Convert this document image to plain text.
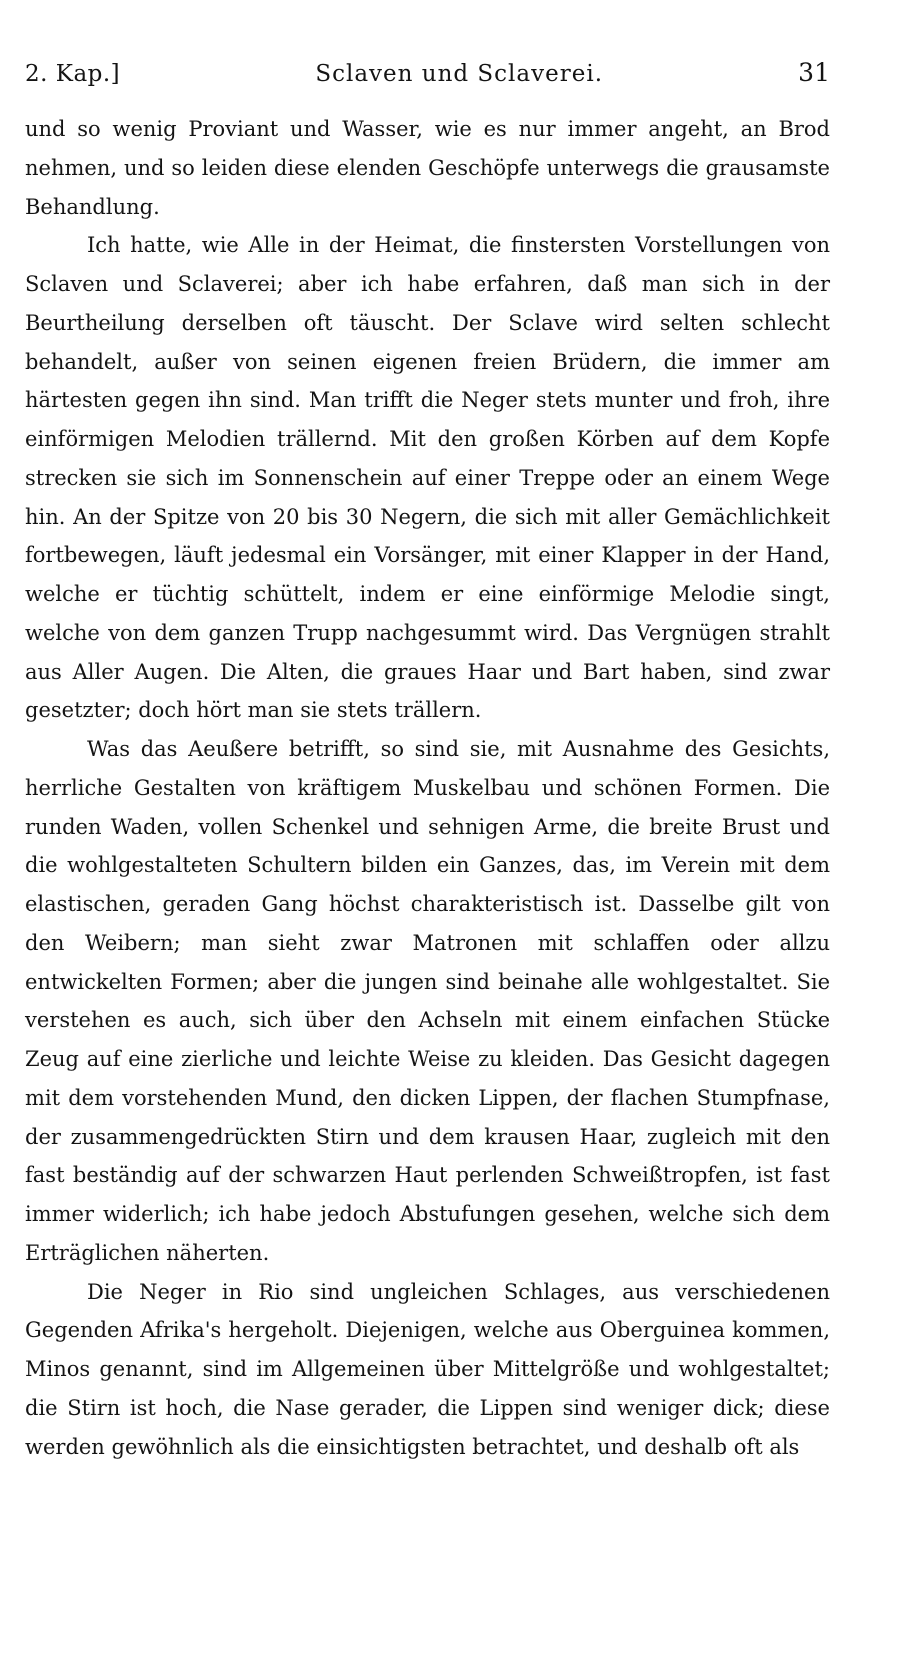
2. Kap.]	Sclaven und Sclaverei.	31

und so wenig Proviant und Wasser, wie es nur immer angeht, an Brod nehmen, und so leiden diese elenden Geschöpfe unterwegs die grausamste Behandlung.

Ich hatte, wie Alle in der Heimat, die finstersten Vorstellungen von Sclaven und Sclaverei; aber ich habe erfahren, daß man sich in der Beurtheilung derselben oft täuscht. Der Sclave wird selten schlecht behandelt, außer von seinen eigenen freien Brüdern, die immer am härtesten gegen ihn sind. Man trifft die Neger stets munter und froh, ihre einförmigen Melodien trällernd. Mit den großen Körben auf dem Kopfe strecken sie sich im Sonnenschein auf einer Treppe oder an einem Wege hin. An der Spitze von 20 bis 30 Negern, die sich mit aller Gemächlichkeit fortbewegen, läuft jedesmal ein Vorsänger, mit einer Klapper in der Hand, welche er tüchtig schüttelt, indem er eine einförmige Melodie singt, welche von dem ganzen Trupp nachgesummt wird. Das Vergnügen strahlt aus Aller Augen. Die Alten, die graues Haar und Bart haben, sind zwar gesetzter; doch hört man sie stets trällern.

Was das Aeußere betrifft, so sind sie, mit Ausnahme des Gesichts, herrliche Gestalten von kräftigem Muskelbau und schönen Formen. Die runden Waden, vollen Schenkel und sehnigen Arme, die breite Brust und die wohlgestalteten Schultern bilden ein Ganzes, das, im Verein mit dem elastischen, geraden Gang höchst charakteristisch ist. Dasselbe gilt von den Weibern; man sieht zwar Matronen mit schlaffen oder allzu entwickelten Formen; aber die jungen sind beinahe alle wohlgestaltet. Sie verstehen es auch, sich über den Achseln mit einem einfachen Stücke Zeug auf eine zierliche und leichte Weise zu kleiden. Das Gesicht dagegen mit dem vorstehenden Mund, den dicken Lippen, der flachen Stumpfnase, der zusammengedrückten Stirn und dem krausen Haar, zugleich mit den fast beständig auf der schwarzen Haut perlenden Schweißtropfen, ist fast immer widerlich; ich habe jedoch Abstufungen gesehen, welche sich dem Erträglichen näherten.

Die Neger in Rio sind ungleichen Schlages, aus verschiedenen Gegenden Afrika's hergeholt. Diejenigen, welche aus Oberguinea kommen, Minos genannt, sind im Allgemeinen über Mittelgröße und wohlgestaltet; die Stirn ist hoch, die Nase gerader, die Lippen sind weniger dick; diese werden gewöhnlich als die einsichtigsten betrachtet, und deshalb oft als
